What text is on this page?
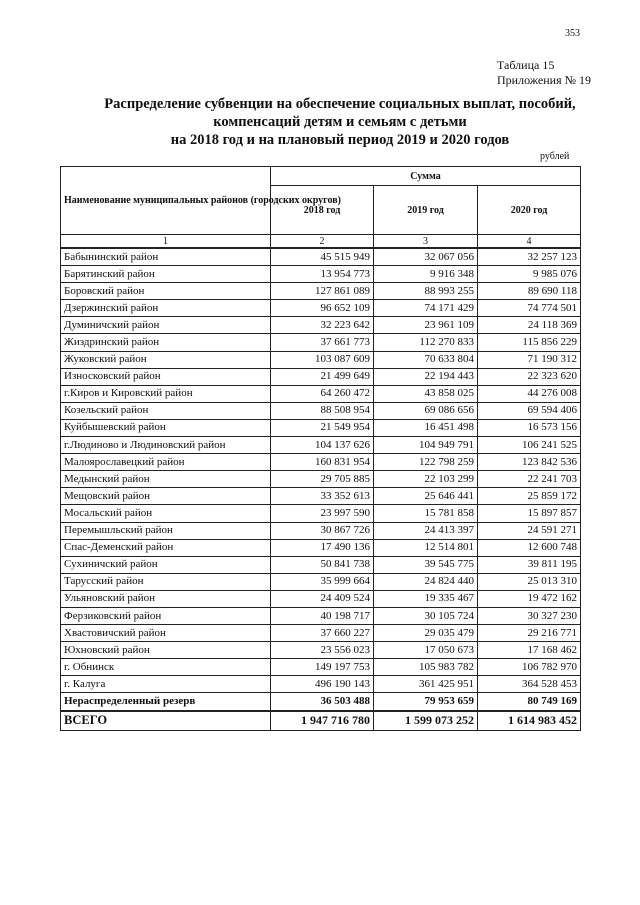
353
Таблица 15
Приложения № 19
Распределение субвенции на обеспечение социальных выплат, пособий,
компенсаций детям и семьям с детьми
на 2018 год и на плановый период 2019 и 2020 годов
рублей
Наименование муниципальных районов (городских округов)	Сумма		
	2018 год	2019 год	2020 год
1	2	3	4
Бабынинский район	45 515 949	32 067 056	32 257 123
Барятинский район	13 954 773	9 916 348	9 985 076
Боровский район	127 861 089	88 993 255	89 690 118
Дзержинский район	96 652 109	74 171 429	74 774 501
Думиничский район	32 223 642	23 961 109	24 118 369
Жиздринский район	37 661 773	112 270 833	115 856 229
Жуковский район	103 087 609	70 633 804	71 190 312
Износковский район	21 499 649	22 194 443	22 323 620
г.Киров и Кировский район	64 260 472	43 858 025	44 276 008
Козельский район	88 508 954	69 086 656	69 594 406
Куйбышевский район	21 549 954	16 451 498	16 573 156
г.Людиново и Людиновский район	104 137 626	104 949 791	106 241 525
Малоярославецкий район	160 831 954	122 798 259	123 842 536
Медынский район	29 705 885	22 103 299	22 241 703
Мещовский район	33 352 613	25 646 441	25 859 172
Мосальский район	23 997 590	15 781 858	15 897 857
Перемышльский район	30 867 726	24 413 397	24 591 271
Спас-Деменский район	17 490 136	12 514 801	12 600 748
Сухиничский район	50 841 738	39 545 775	39 811 195
Тарусский район	35 999 664	24 824 440	25 013 310
Ульяновский район	24 409 524	19 335 467	19 472 162
Ферзиковский район	40 198 717	30 105 724	30 327 230
Хвастовичский район	37 660 227	29 035 479	29 216 771
Юхновский район	23 556 023	17 050 673	17 168 462
г. Обнинск	149 197 753	105 983 782	106 782 970
г. Калуга	496 190 143	361 425 951	364 528 453
Нераспределенный резерв	36 503 488	79 953 659	80 749 169
ВСЕГО	1 947 716 780	1 599 073 252	1 614 983 452
